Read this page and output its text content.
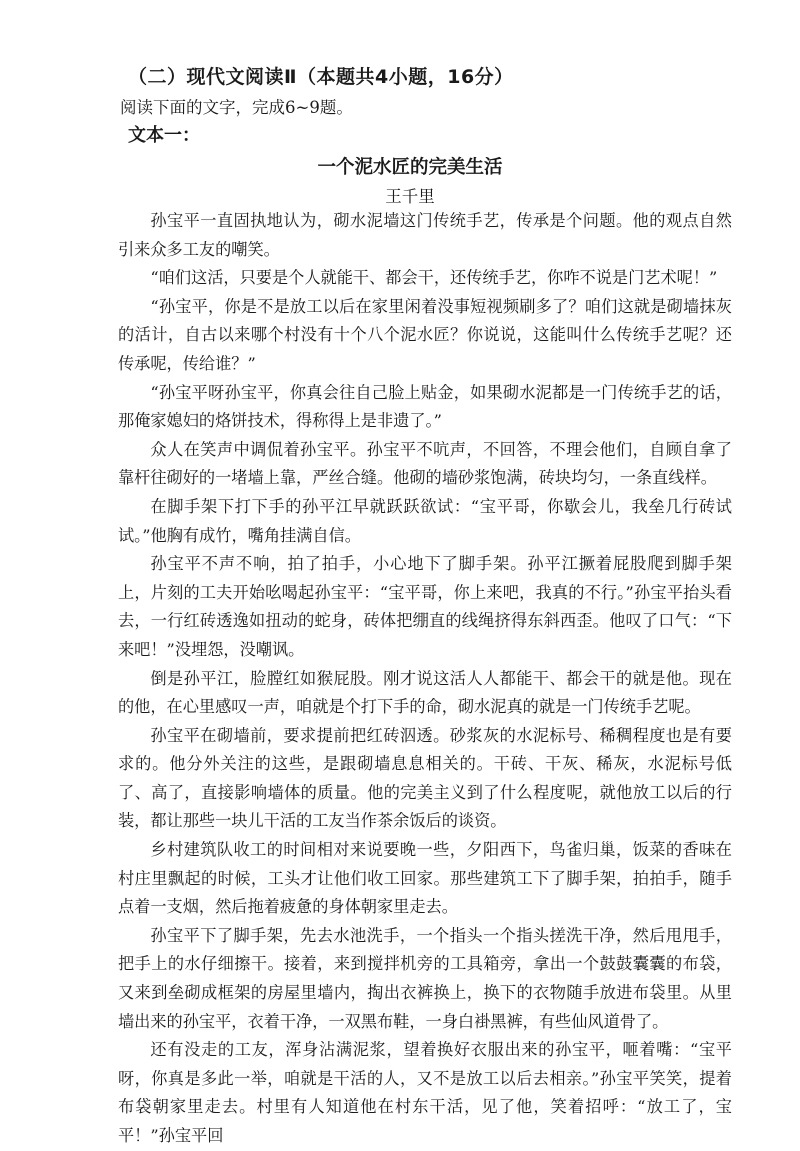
（二）现代文阅读Ⅱ（本题共4小题，16分）

阅读下面的文字，完成6~9题。

文本一：
一个泥水匠的完美生活

王千里

孙宝平一直固执地认为，砌水泥墙这门传统手艺，传承是个问题。他的观点自然引来众多工友的嘲笑。

“咱们这活，只要是个人就能干、都会干，还传统手艺，你咋不说是门艺术呢！”

“孙宝平，你是不是放工以后在家里闲着没事短视频刷多了？咱们这就是砌墙抹灰的活计，自古以来哪个村没有十个八个泥水匠？你说说，这能叫什么传统手艺呢？还传承呢，传给谁？”

“孙宝平呀孙宝平，你真会往自己脸上贴金，如果砌水泥都是一门传统手艺的话，那俺家媳妇的烙饼技术，得称得上是非遗了。”

众人在笑声中调侃着孙宝平。孙宝平不吭声，不回答，不理会他们，自顾自拿了靠杆往砌好的一堵墙上靠，严丝合缝。他砌的墙砂浆饱满，砖块均匀，一条直线样。

在脚手架下打下手的孙平江早就跃跃欲试：“宝平哥，你歇会儿，我垒几行砖试试。”他胸有成竹，嘴角挂满自信。

孙宝平不声不响，拍了拍手，小心地下了脚手架。孙平江撅着屁股爬到脚手架上，片刻的工夫开始吆喝起孙宝平：“宝平哥，你上来吧，我真的不行。”孙宝平抬头看去，一行红砖透逸如扭动的蛇身，砖体把绷直的线绳挤得东斜西歪。他叹了口气：“下来吧！”没埋怨，没嘲讽。

倒是孙平江，脸膛红如猴屁股。刚才说这活人人都能干、都会干的就是他。现在的他，在心里感叹一声，咱就是个打下手的命，砌水泥真的就是一门传统手艺呢。

孙宝平在砌墙前，要求提前把红砖泅透。砂浆灰的水泥标号、稀稠程度也是有要求的。他分外关注的这些，是跟砌墙息息相关的。干砖、干灰、稀灰，水泥标号低了、高了，直接影响墙体的质量。他的完美主义到了什么程度呢，就他放工以后的行装，都让那些一块儿干活的工友当作茶余饭后的谈资。

乡村建筑队收工的时间相对来说要晚一些，夕阳西下，鸟雀归巢，饭菜的香味在村庄里飘起的时候，工头才让他们收工回家。那些建筑工下了脚手架，拍拍手，随手点着一支烟，然后拖着疲惫的身体朝家里走去。

孙宝平下了脚手架，先去水池洗手，一个指头一个指头搓洗干净，然后甩甩手，把手上的水仔细擦干。接着，来到搅拌机旁的工具箱旁，拿出一个鼓鼓囊囊的布袋，又来到垒砌成框架的房屋里墙内，掏出衣裤换上，换下的衣物随手放进布袋里。从里墙出来的孙宝平，衣着干净，一双黑布鞋，一身白褂黑裤，有些仙风道骨了。

还有没走的工友，浑身沾满泥浆，望着换好衣服出来的孙宝平，咂着嘴：“宝平呀，你真是多此一举，咱就是干活的人，又不是放工以后去相亲。”孙宝平笑笑，提着布袋朝家里走去。村里有人知道他在村东干活，见了他，笑着招呼：“放工了，宝平！”孙宝平回
